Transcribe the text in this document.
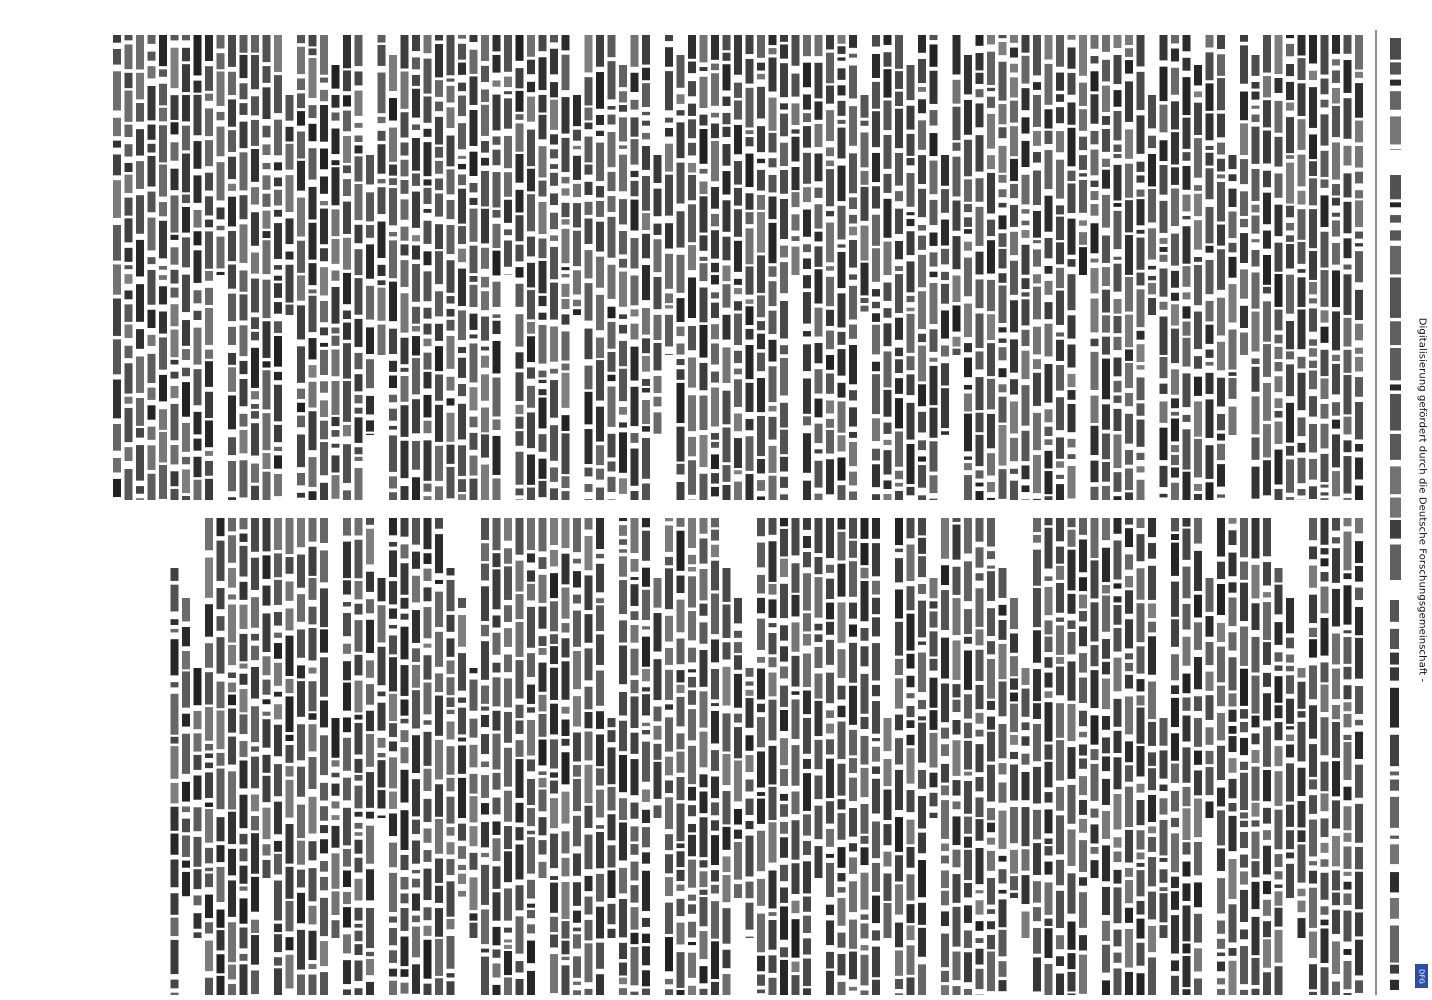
Digitalisierung gefördert durch die Deutsche Forschungsgemeinschaft -
DFG
